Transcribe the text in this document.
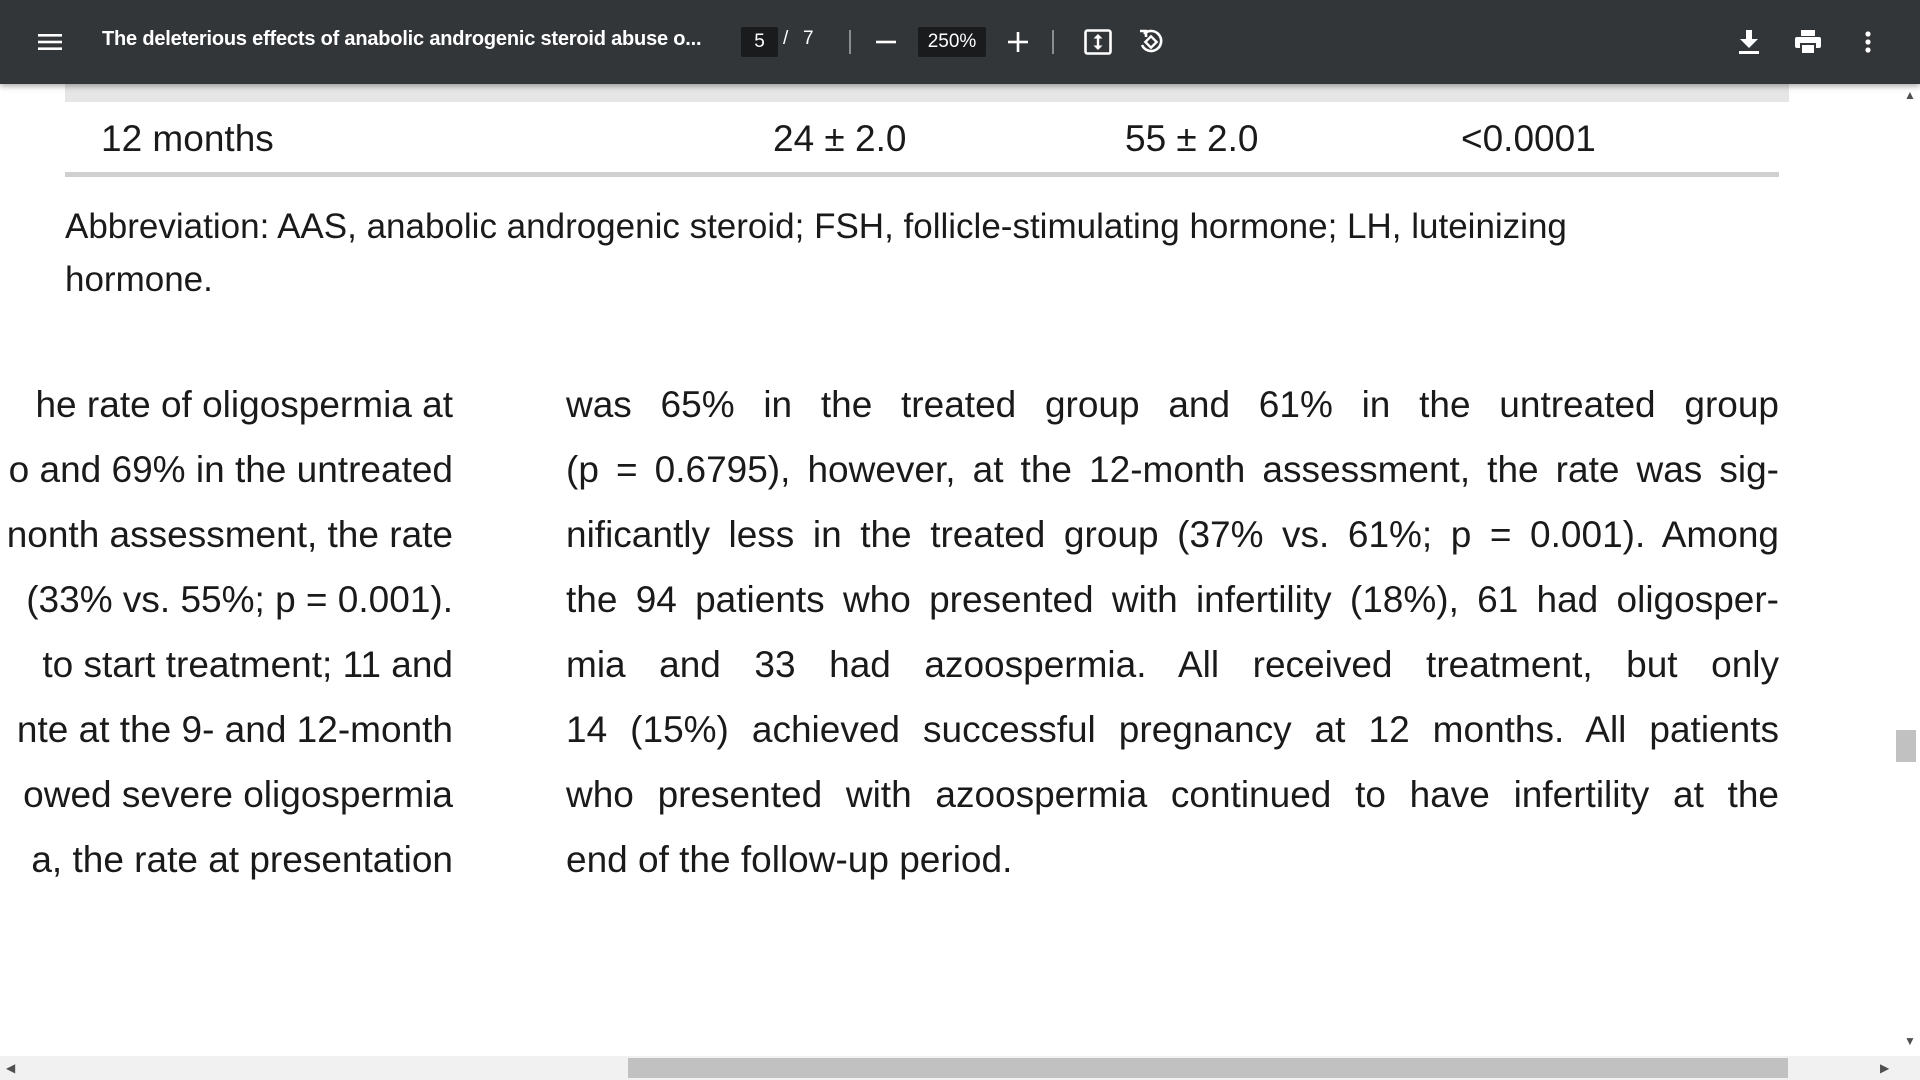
The deleterious effects of anabolic androgenic steroid abuse o...	5 / 7	250%
12 months	24 ± 2.0	55 ± 2.0	<0.0001
Abbreviation: AAS, anabolic androgenic steroid; FSH, follicle-stimulating hormone; LH, luteinizing
hormone.
he rate of oligospermia at
o and 69% in the untreated
nonth assessment, the rate
(33% vs. 55%; p = 0.001).
to start treatment; 11 and
nte at the 9- and 12-month
owed severe oligospermia
a, the rate at presentation
was 65% in the treated group and 61% in the untreated group
(p = 0.6795), however, at the 12-month assessment, the rate was sig-
nificantly less in the treated group (37% vs. 61%; p = 0.001). Among
the 94 patients who presented with infertility (18%), 61 had oligosper-
mia and 33 had azoospermia. All received treatment, but only
14 (15%) achieved successful pregnancy at 12 months. All patients
who presented with azoospermia continued to have infertility at the
end of the follow-up period.
▲
▼
◀	▶
